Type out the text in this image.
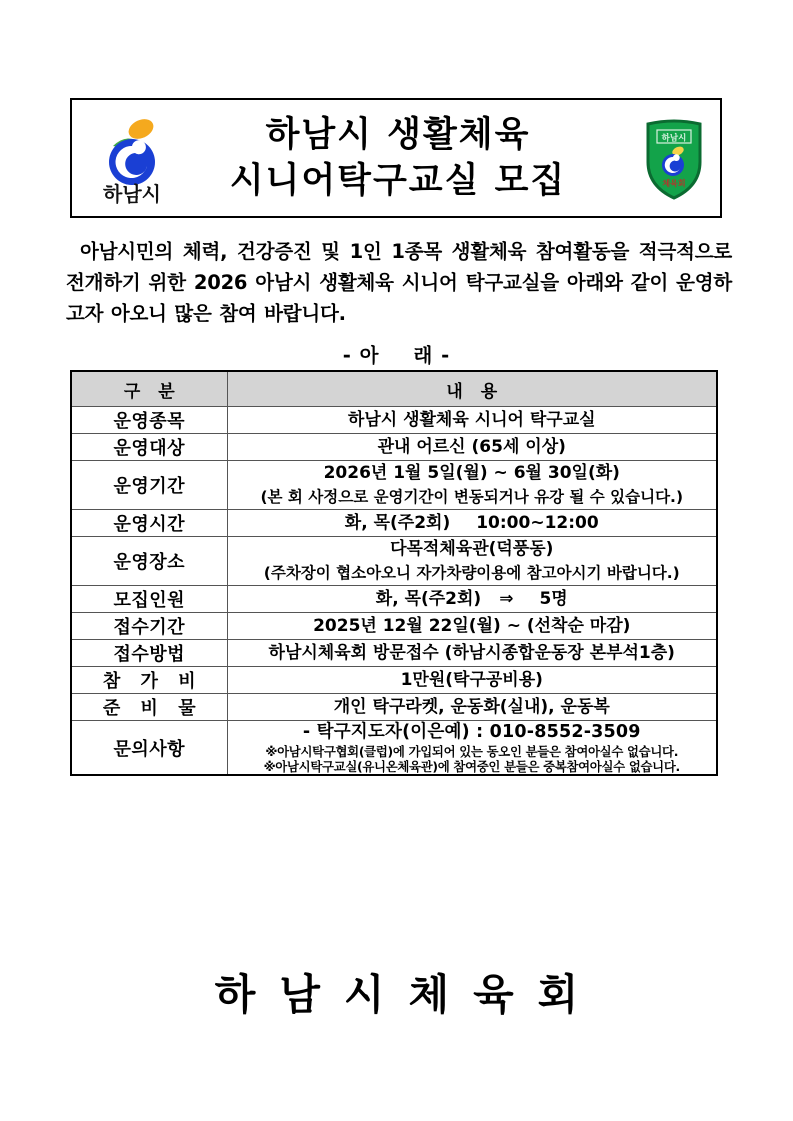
하남시
하남시 생활체육
시니어탁구교실 모집
하남시
체육회

아남시민의 체력, 건강증진 및 1인 1종목 생활체육 참여활동을 적극적으로 전개하기 위한 2026 아남시 생활체육 시니어 탁구교실을 아래와 같이 운영하고자 아오니 많은 참여 바랍니다.

- 아 래 -
구 분	내 용
운영종목	하남시 생활체육 시니어 탁구교실
운영대상	관내 어르신 (65세 이상)
운영기간	2026년 1월 5일(월) ~ 6월 30일(화)
(본 회 사정으로 운영기간이 변동되거나 유강 될 수 있습니다.)

운영시간	화, 목(주2회) 10:00~12:00
운영장소	다목적체육관(덕풍동)
(주차장이 협소아오니 자가차량이용에 참고아시기 바랍니다.)

모집인원	화, 목(주2회) ⇒ 5명
접수기간	2025년 12월 22일(월) ~ (선착순 마감)
접수방법	하남시체육회 방문접수 (하남시종합운동장 본부석1층)
참 가 비	1만원(탁구공비용)
준 비 물	개인 탁구라켓, 운동화(실내), 운동복
문의사항	- 탁구지도자(이은예) : 010-8552-3509
※아남시탁구협회(클럽)에 가입되어 있는 동오인 분들은 참여아실수 없습니다.
※아남시탁구교실(유니온체육관)에 참여중인 분들은 중복참여아실수 없습니다.
하남시체육회
